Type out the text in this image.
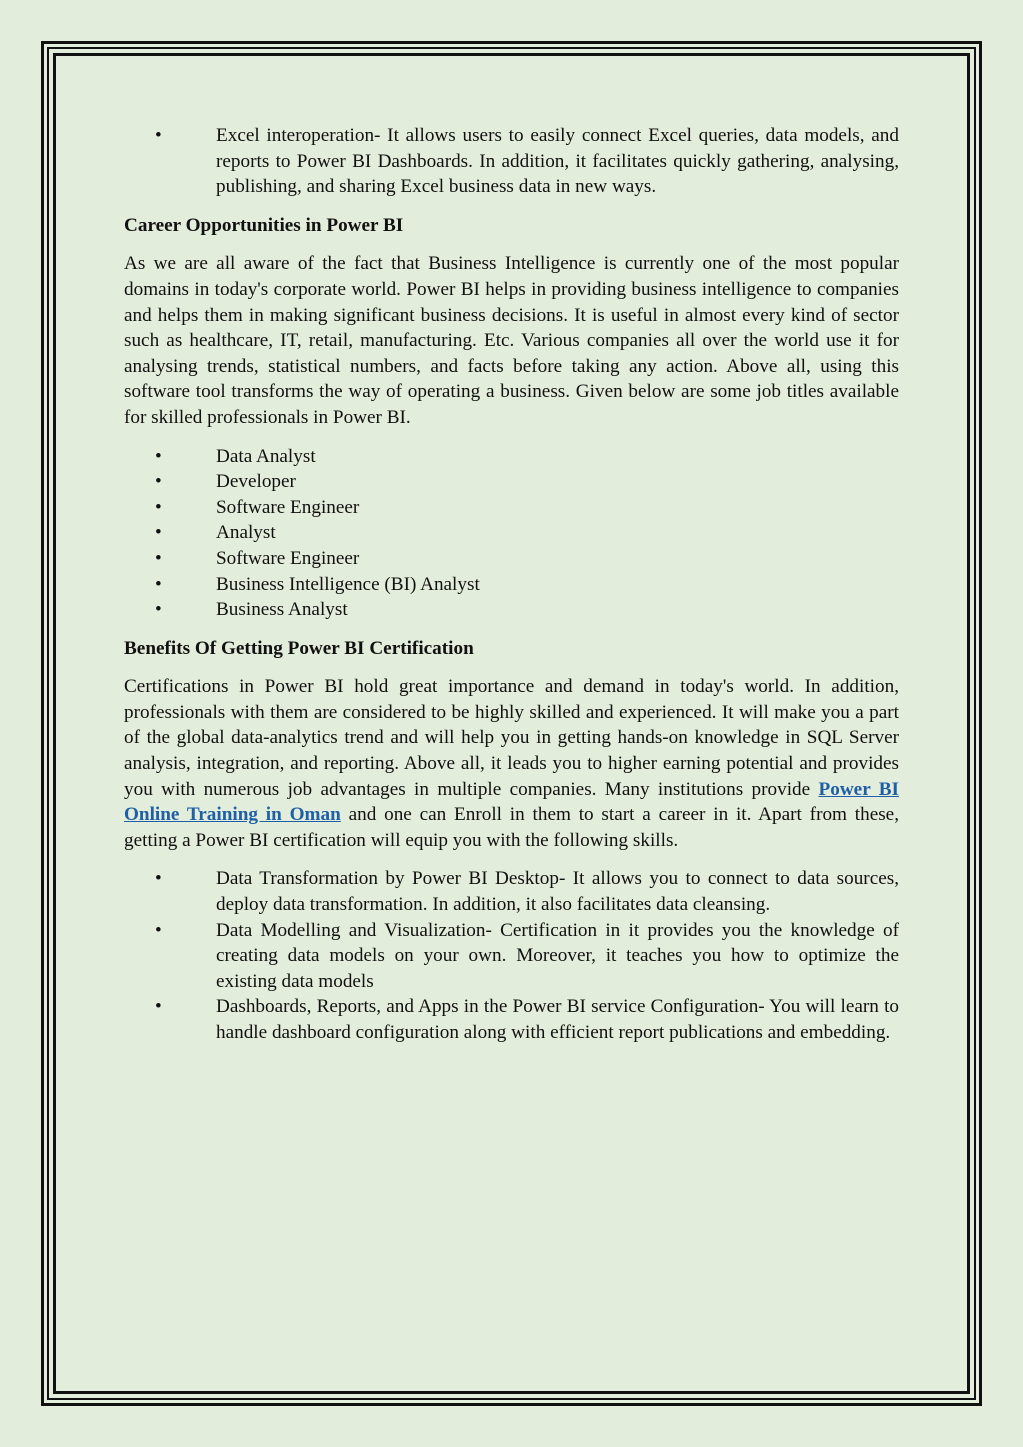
•	Excel interoperation- It allows users to easily connect Excel queries, data models, and reports to Power BI Dashboards. In addition, it facilitates quickly gathering, analysing, publishing, and sharing Excel business data in new ways.

Career Opportunities in Power BI

As we are all aware of the fact that Business Intelligence is currently one of the most popular domains in today's corporate world. Power BI helps in providing business intelligence to companies and helps them in making significant business decisions. It is useful in almost every kind of sector such as healthcare, IT, retail, manufacturing. Etc. Various companies all over the world use it for analysing trends, statistical numbers, and facts before taking any action. Above all, using this software tool transforms the way of operating a business. Given below are some job titles available for skilled professionals in Power BI.

•	Data Analyst
•	Developer
•	Software Engineer
•	Analyst
•	Software Engineer
•	Business Intelligence (BI) Analyst
•	Business Analyst

Benefits Of Getting Power BI Certification

Certifications in Power BI hold great importance and demand in today's world. In addition, professionals with them are considered to be highly skilled and experienced. It will make you a part of the global data-analytics trend and will help you in getting hands-on knowledge in SQL Server analysis, integration, and reporting. Above all, it leads you to higher earning potential and provides you with numerous job advantages in multiple companies. Many institutions provide Power BI Online Training in Oman and one can Enroll in them to start a career in it. Apart from these, getting a Power BI certification will equip you with the following skills.

•	Data Transformation by Power BI Desktop- It allows you to connect to data sources, deploy data transformation. In addition, it also facilitates data cleansing.
•	Data Modelling and Visualization- Certification in it provides you the knowledge of creating data models on your own. Moreover, it teaches you how to optimize the existing data models
•	Dashboards, Reports, and Apps in the Power BI service Configuration- You will learn to handle dashboard configuration along with efficient report publications and embedding.
